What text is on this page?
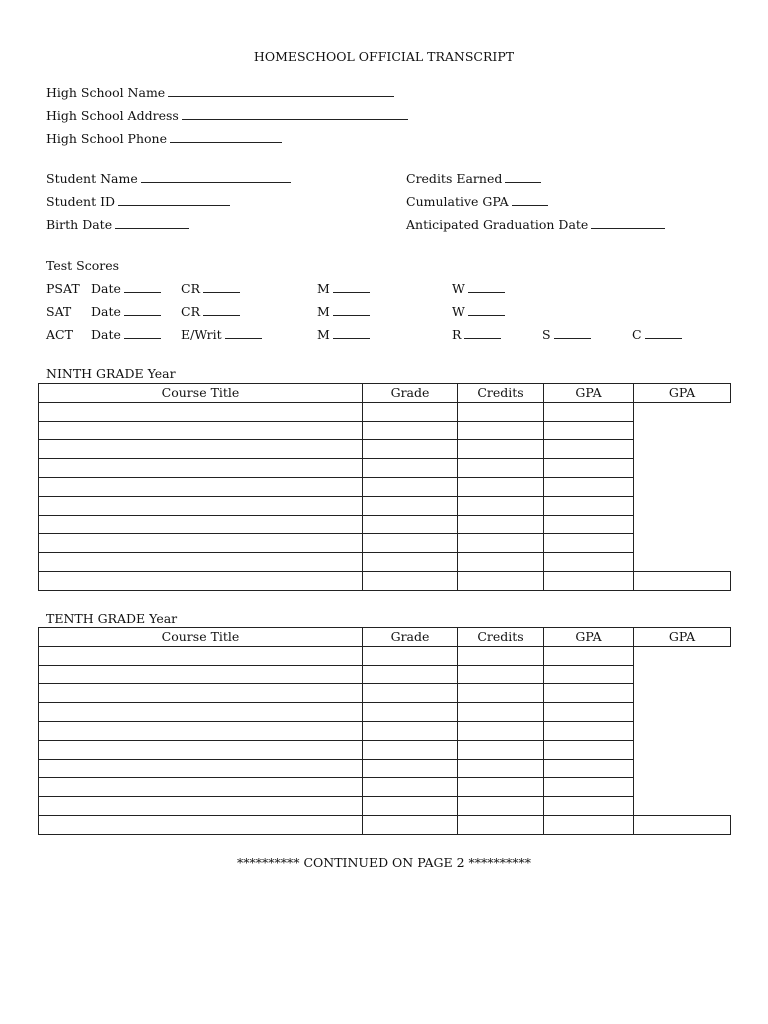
HOMESCHOOL OFFICIAL TRANSCRIPT
High School Name
High School Address
High School Phone
Student Name
Student ID
Birth Date
Credits Earned
Cumulative GPA
Anticipated Graduation Date
Test Scores
PSAT Date	CR	M	W
SAT Date	CR	M	W
ACT Date	E/Writ	M	R	S	C
NINTH GRADE Year
Course Title	Grade	Credits	GPA	GPA

TENTH GRADE Year
Course Title	Grade	Credits	GPA	GPA

********** CONTINUED ON PAGE 2 **********
